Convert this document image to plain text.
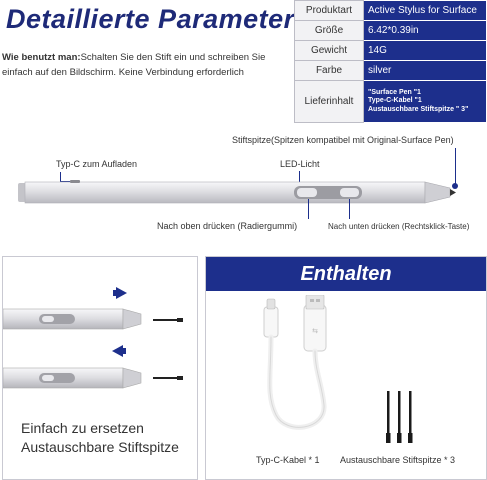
Detaillierte Parameter
Wie benutzt man:Schalten Sie den Stift ein und schreiben Sie einfach auf den Bildschirm. Keine Verbindung erforderlich
Produktart	Active Stylus for Surface
Größe	6.42*0.39in
Gewicht	14G
Farbe	silver
Lieferinhalt	"Surface Pen "1
Type-C-Kabel "1
Austauschbare Stiftspitze " 3"
Stiftspitze(Spitzen kompatibel mit Original-Surface Pen)
Typ-C zum Aufladen	LED-Licht
Nach oben drücken (Radiergummi)	Nach unten drücken (Rechtsklick-Taste)
Einfach zu ersetzen
Austauschbare Stiftspitze
Enthalten
⇆
Typ-C-Kabel * 1 Austauschbare Stiftspitze * 3
